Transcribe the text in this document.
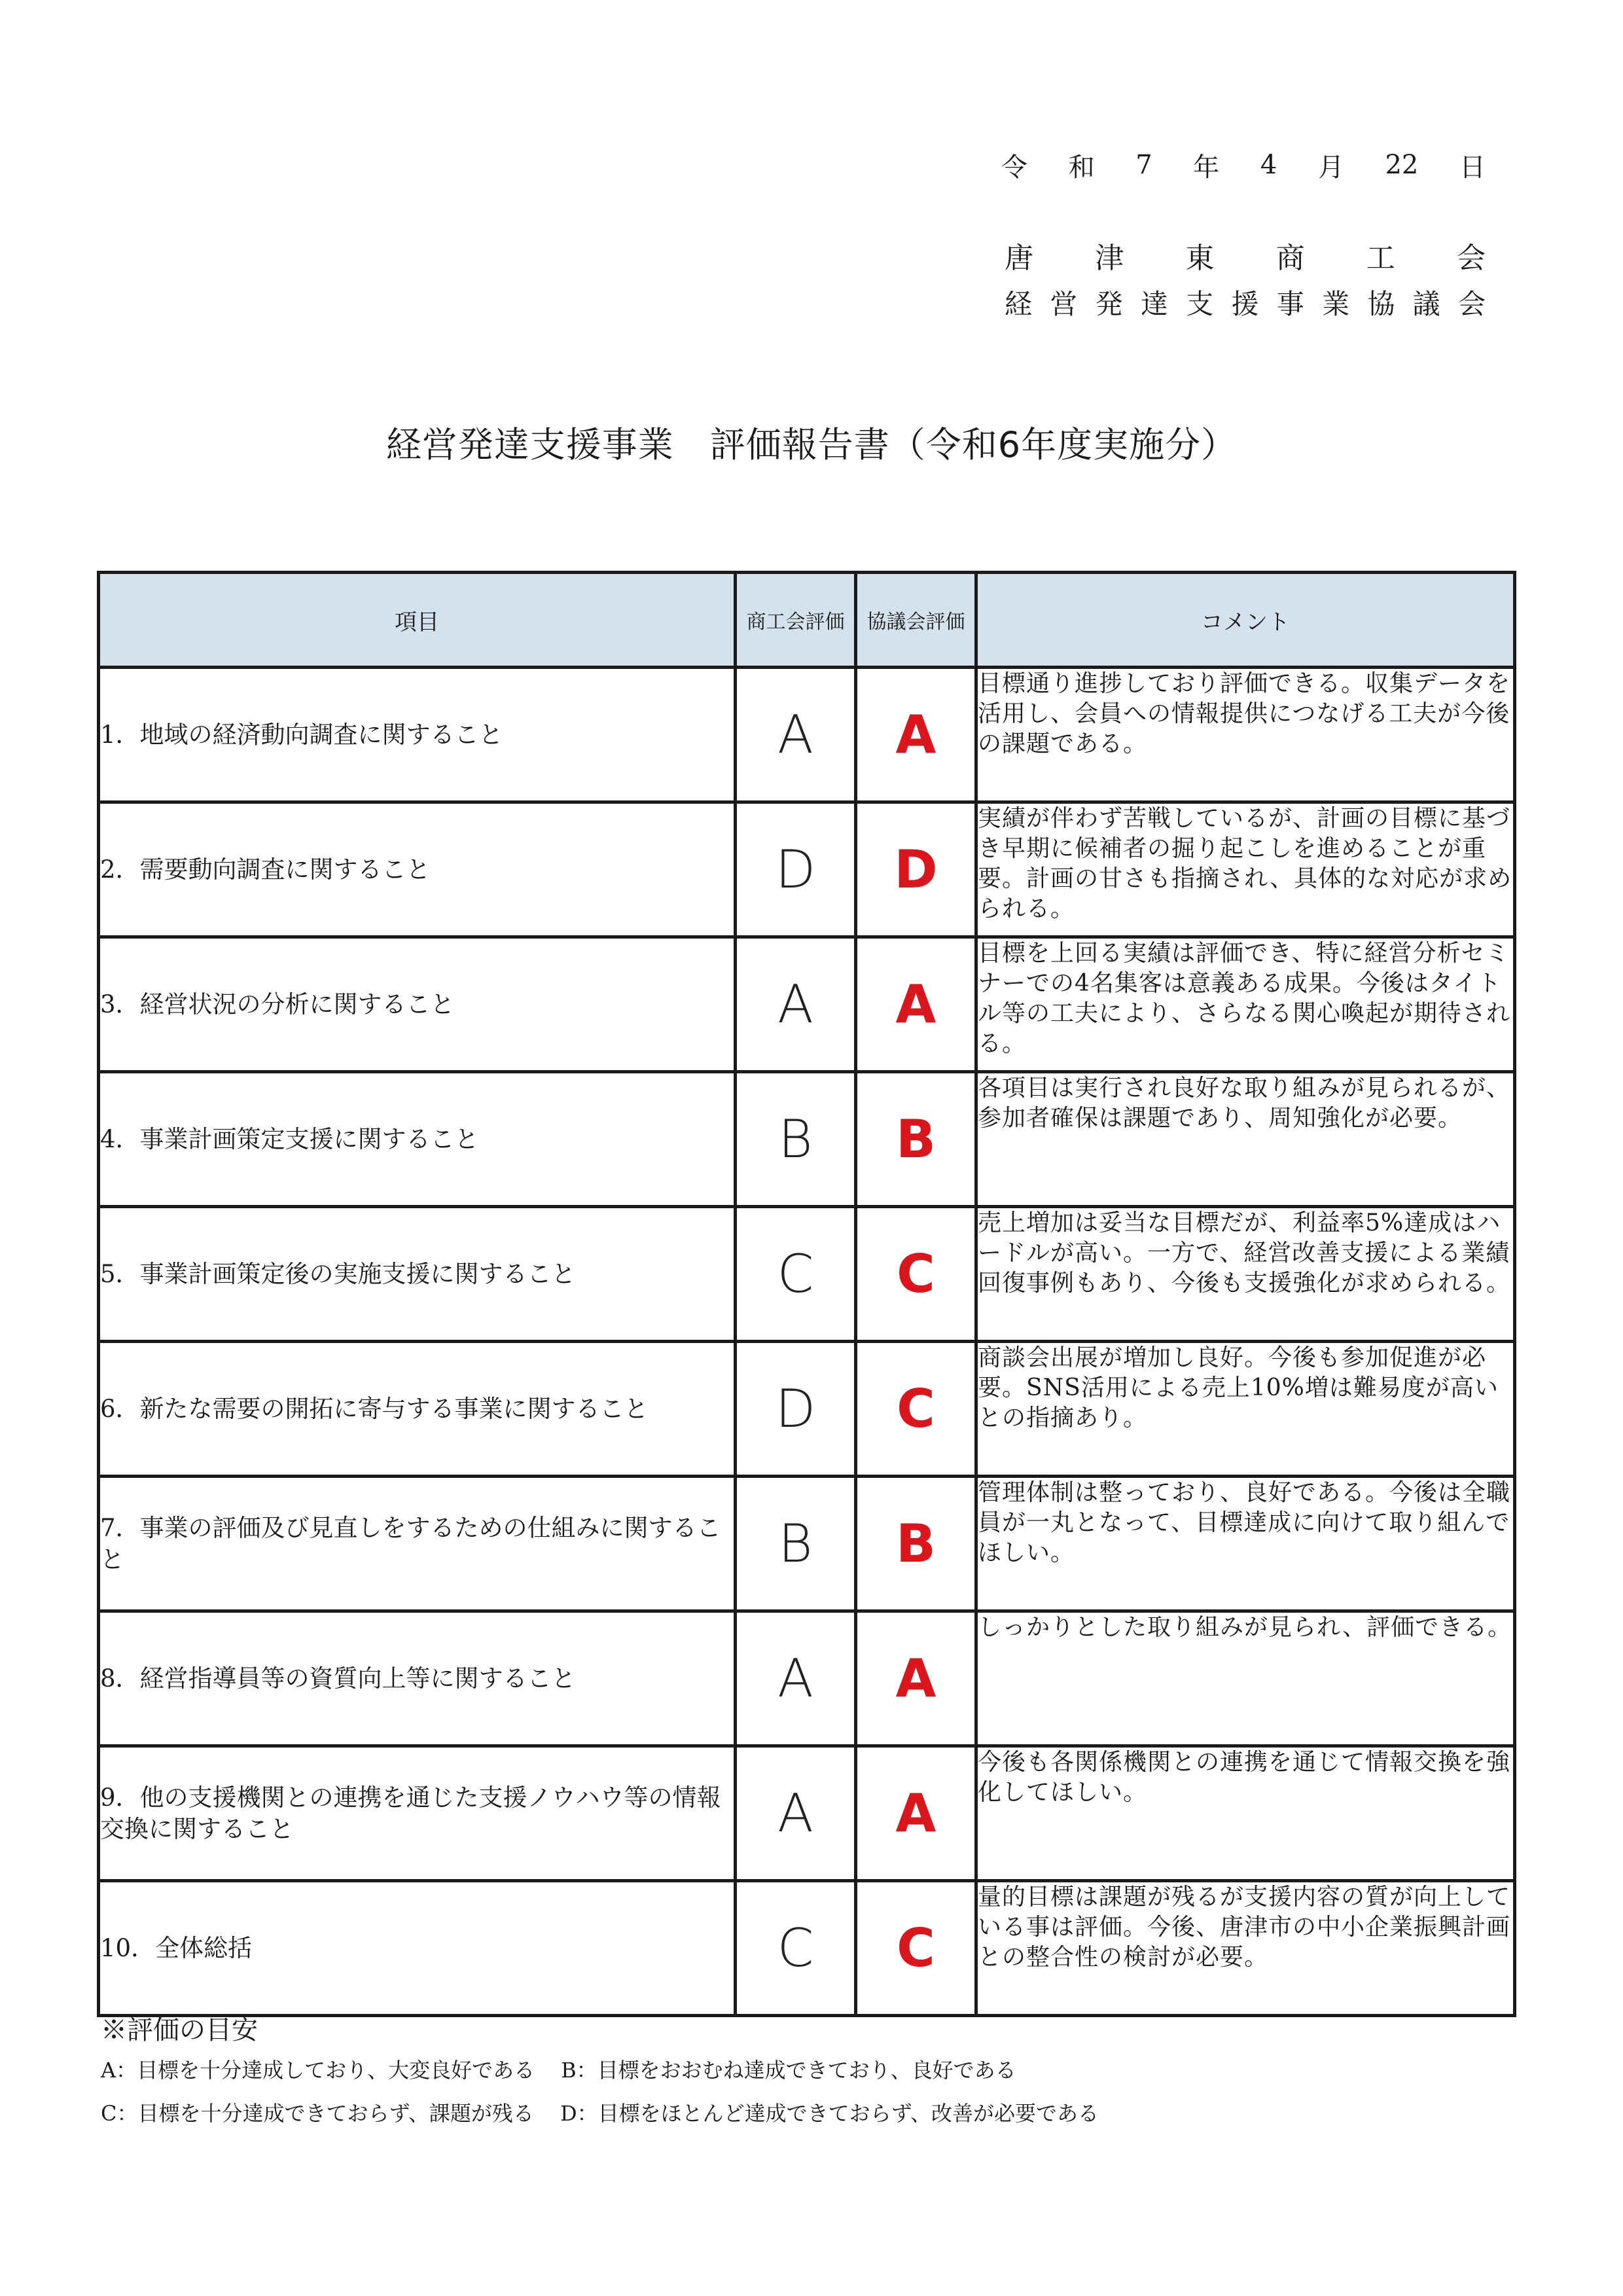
令 和 7 年 4 月 22 日
唐 津 東 商 工 会
経 営 発 達 支 援 事 業 協 議 会
経営発達支援事業　評価報告書（令和6年度実施分）
項目	商工会評価	協議会評価	コメント
1．地域の経済動向調査に関すること	A	A	目標通り進捗しており評価できる。収集データを活用し、会員への情報提供につなげる工夫が今後の課題である。
2．需要動向調査に関すること	D	D	実績が伴わず苦戦しているが、計画の目標に基づき早期に候補者の掘り起こしを進めることが重要。計画の甘さも指摘され、具体的な対応が求められる。
3．経営状況の分析に関すること	A	A	目標を上回る実績は評価でき、特に経営分析セミナーでの4名集客は意義ある成果。今後はタイトル等の工夫により、さらなる関心喚起が期待される。
4．事業計画策定支援に関すること	B	B	各項目は実行され良好な取り組みが見られるが、参加者確保は課題であり、周知強化が必要。
5．事業計画策定後の実施支援に関すること	C	C	売上増加は妥当な目標だが、利益率5%達成はハードルが高い。一方で、経営改善支援による業績回復事例もあり、今後も支援強化が求められる。
6．新たな需要の開拓に寄与する事業に関すること	D	C	商談会出展が増加し良好。今後も参加促進が必要。SNS活用による売上10%増は難易度が高いとの指摘あり。
7．事業の評価及び見直しをするための仕組みに関すること	B	B	管理体制は整っており、良好である。今後は全職員が一丸となって、目標達成に向けて取り組んでほしい。
8．経営指導員等の資質向上等に関すること	A	A	しっかりとした取り組みが見られ、評価できる。
9．他の支援機関との連携を通じた支援ノウハウ等の情報交換に関すること	A	A	今後も各関係機関との連携を通じて情報交換を強化してほしい。
10．全体総括	C	C	量的目標は課題が残るが支援内容の質が向上している事は評価。今後、唐津市の中小企業振興計画との整合性の検討が必要。
※評価の目安
A：目標を十分達成しており、大変良好である B：目標をおおむね達成できており、良好である
C：目標を十分達成できておらず、課題が残る D：目標をほとんど達成できておらず、改善が必要である
